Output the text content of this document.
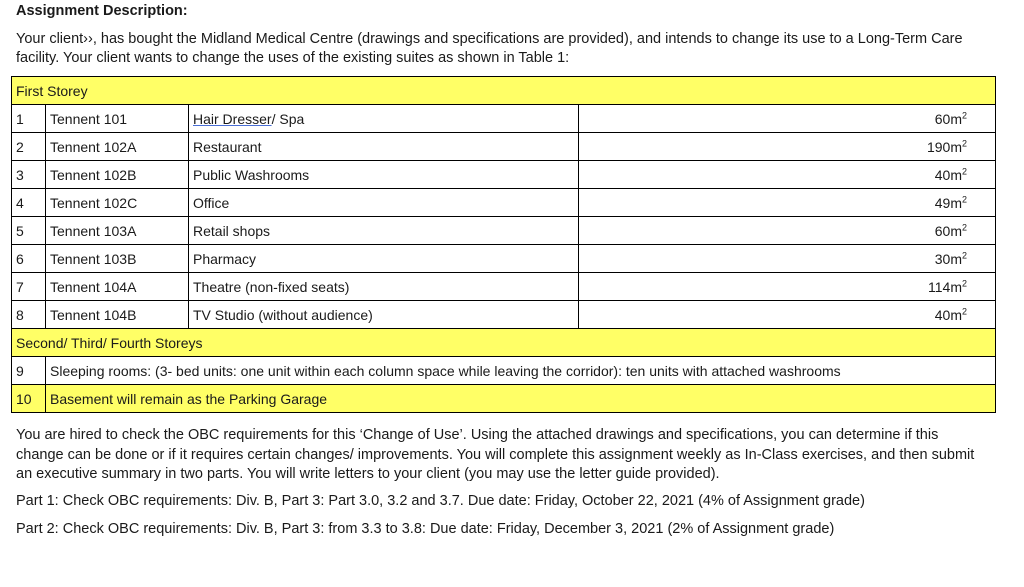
Assignment Description:
Your client››, has bought the Midland Medical Centre (drawings and specifications are provided), and intends to change its use to a Long-Term Care facility. Your client wants to change the uses of the existing suites as shown in Table 1:
First Storey			
1	Tennent 101	Hair Dresser/ Spa	$60m^2$
2	Tennent 102A	Restaurant	$190m^2$
3	Tennent 102B	Public Washrooms	$40m^2$
4	Tennent 102C	Office	$49m^2$
5	Tennent 103A	Retail shops	$60m^2$
6	Tennent 103B	Pharmacy	$30m^2$
7	Tennent 104A	Theatre (non-fixed seats)	$114m^2$
8	Tennent 104B	TV Studio (without audience)	$40m^2$
Second/ Third/ Fourth Storeys			
9	Sleeping rooms: (3- bed units: one unit within each column space while leaving the corridor): ten units with attached washrooms		
10	Basement will remain as the Parking Garage		
You are hired to check the OBC requirements for this ‘Change of Use’. Using the attached drawings and specifications, you can determine if this change can be done or if it requires certain changes/ improvements. You will complete this assignment weekly as In-Class exercises, and then submit an executive summary in two parts. You will write letters to your client (you may use the letter guide provided).
Part 1: Check OBC requirements: Div. B, Part 3: Part 3.0, 3.2 and 3.7. Due date: Friday, October 22, 2021 (4% of Assignment grade)
Part 2: Check OBC requirements: Div. B, Part 3: from 3.3 to 3.8: Due date: Friday, December 3, 2021 (2% of Assignment grade)
